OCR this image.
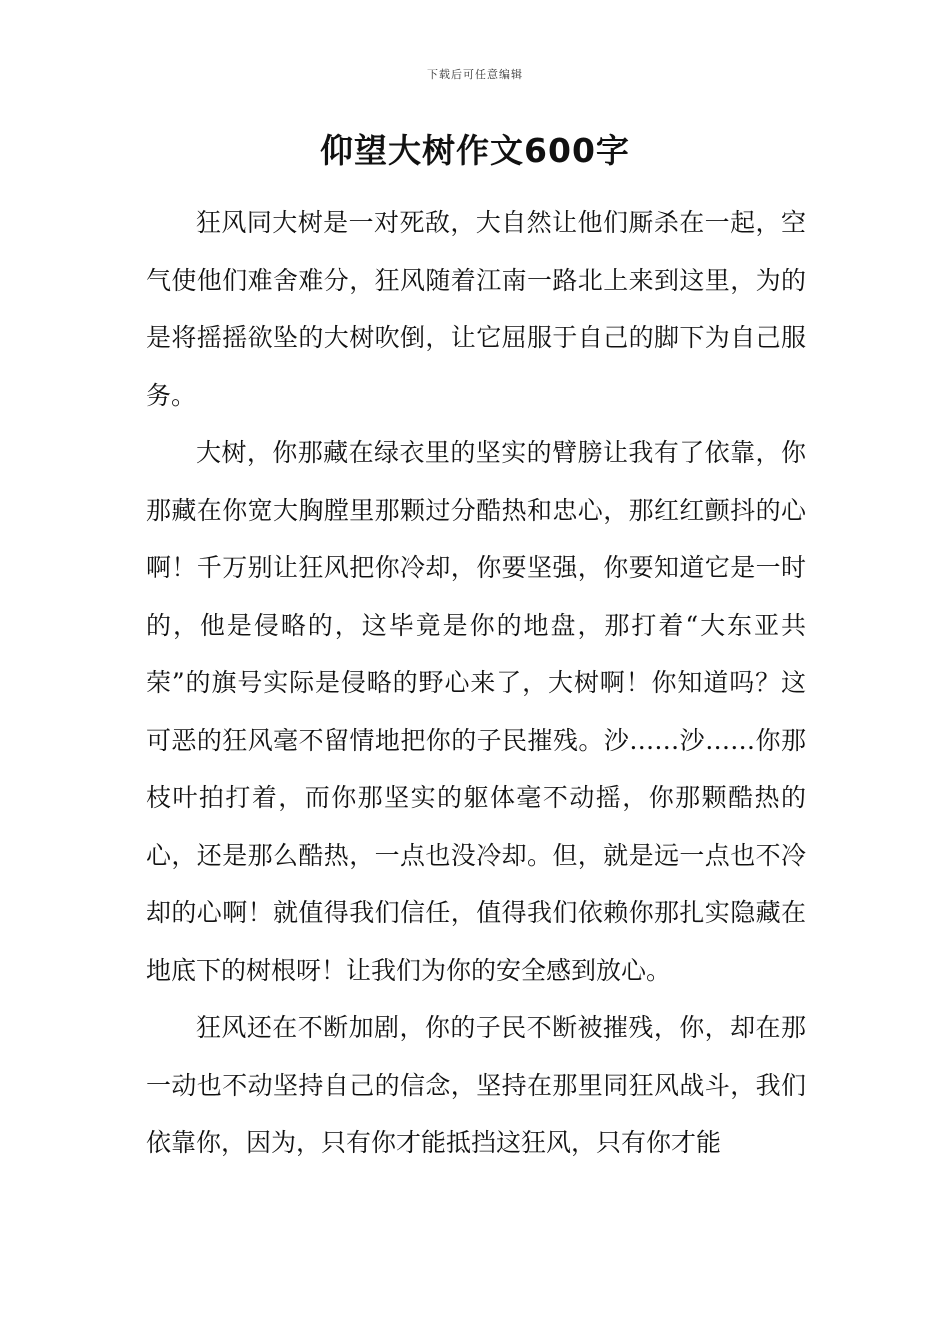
下载后可任意编辑
仰望大树作文600字

狂风同大树是一对死敌，大自然让他们厮杀在一起，空气使他们难舍难分，狂风随着江南一路北上来到这里，为的是将摇摇欲坠的大树吹倒，让它屈服于自己的脚下为自己服务。

大树，你那藏在绿衣里的坚实的臂膀让我有了依靠，你那藏在你宽大胸膛里那颗过分酷热和忠心，那红红颤抖的心啊！千万别让狂风把你冷却，你要坚强，你要知道它是一时的，他是侵略的，这毕竟是你的地盘，那打着“大东亚共荣”的旗号实际是侵略的野心来了，大树啊！你知道吗？这可恶的狂风毫不留情地把你的子民摧残。沙……沙……你那枝叶拍打着，而你那坚实的躯体毫不动摇，你那颗酷热的心，还是那么酷热，一点也没冷却。但，就是远一点也不冷却的心啊！就值得我们信任，值得我们依赖你那扎实隐藏在地底下的树根呀！让我们为你的安全感到放心。

狂风还在不断加剧，你的子民不断被摧残，你，却在那一动也不动坚持自己的信念，坚持在那里同狂风战斗，我们依靠你，因为，只有你才能抵挡这狂风，只有你才能
